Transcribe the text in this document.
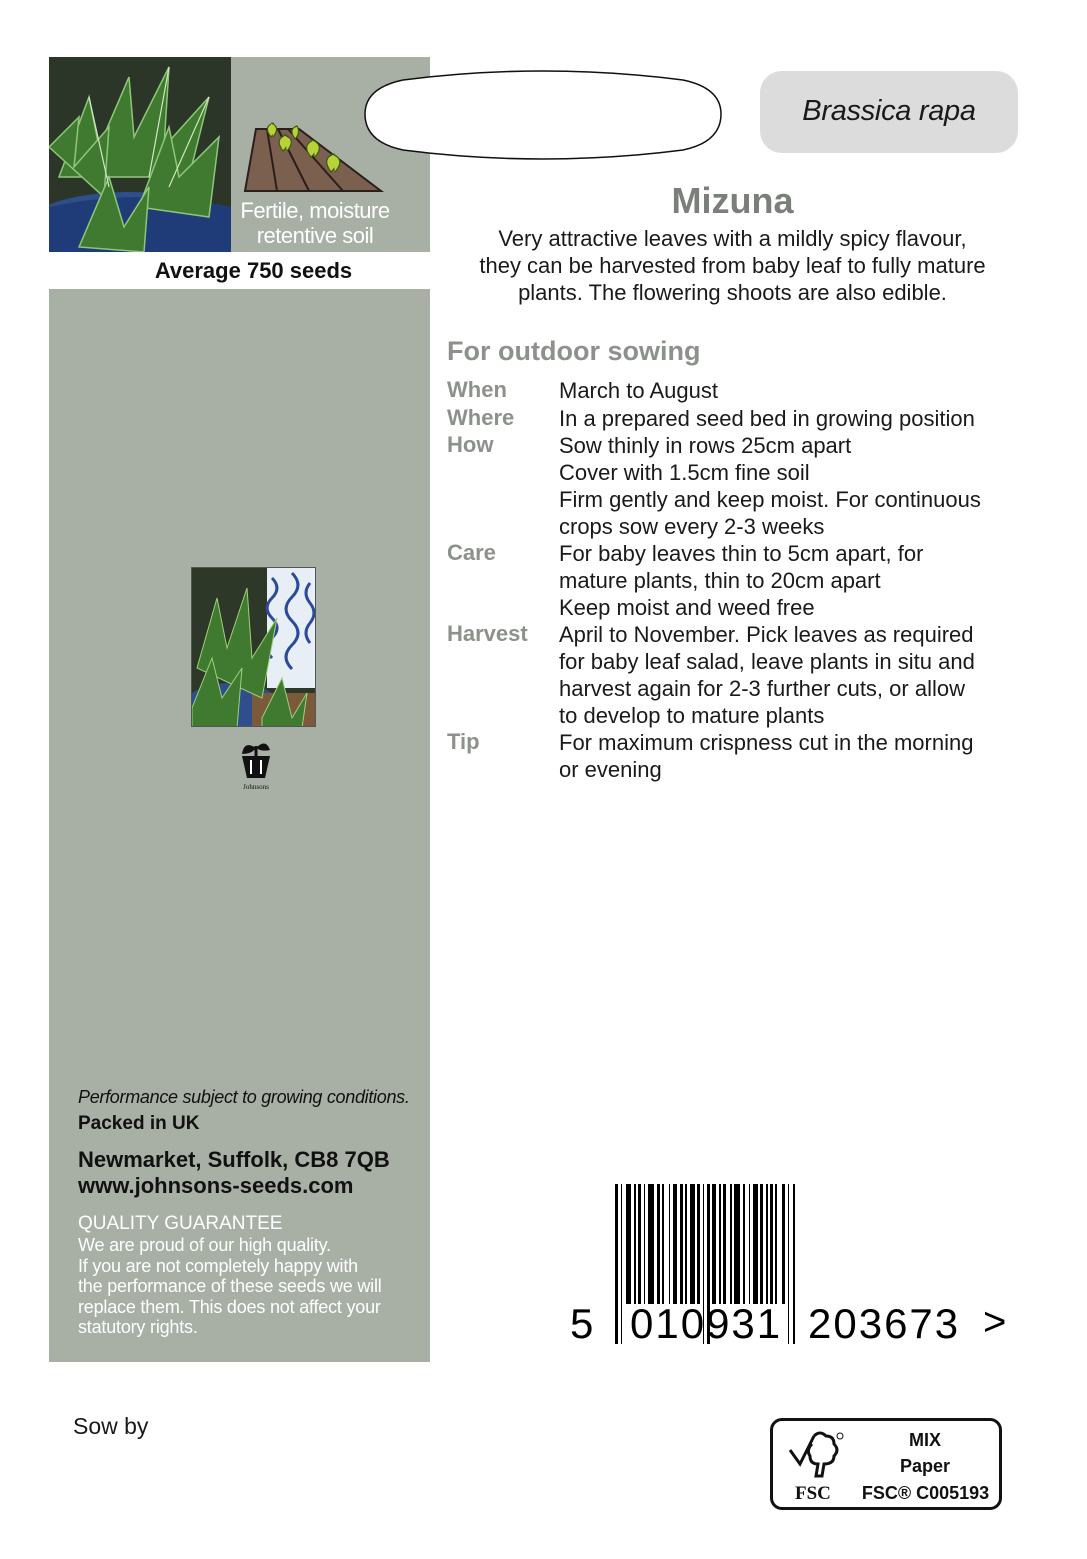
Fertile, moisture
retentive soil
Average 750 seeds
Johnsons
Performance subject to growing conditions.
Packed in UK
Newmarket, Suffolk, CB8 7QB
www.johnsons-seeds.com
QUALITY GUARANTEE
We are proud of our high quality.
If you are not completely happy with
the performance of these seeds we will
replace them. This does not affect your
statutory rights.
Brassica rapa
Mizuna
Very attractive leaves with a mildly spicy flavour,
they can be harvested from baby leaf to fully mature
plants. The flowering shoots are also edible.
For outdoor sowing
When March to August
Where In a prepared seed bed in growing position
How	Sow thinly in rows 25cm apart
Cover with 1.5cm fine soil
Firm gently and keep moist. For continuous
crops sow every 2-3 weeks
Care	For baby leaves thin to 5cm apart, for
mature plants, thin to 20cm apart
Keep moist and weed free
Harvest April to November. Pick leaves as required
for baby leaf salad, leave plants in situ and
harvest again for 2-3 further cuts, or allow
to develop to mature plants
Tip	For maximum crispness cut in the morning
or evening
5 010931 203673 >
Sow by
FSC
MIX
Paper
FSC® C005193
